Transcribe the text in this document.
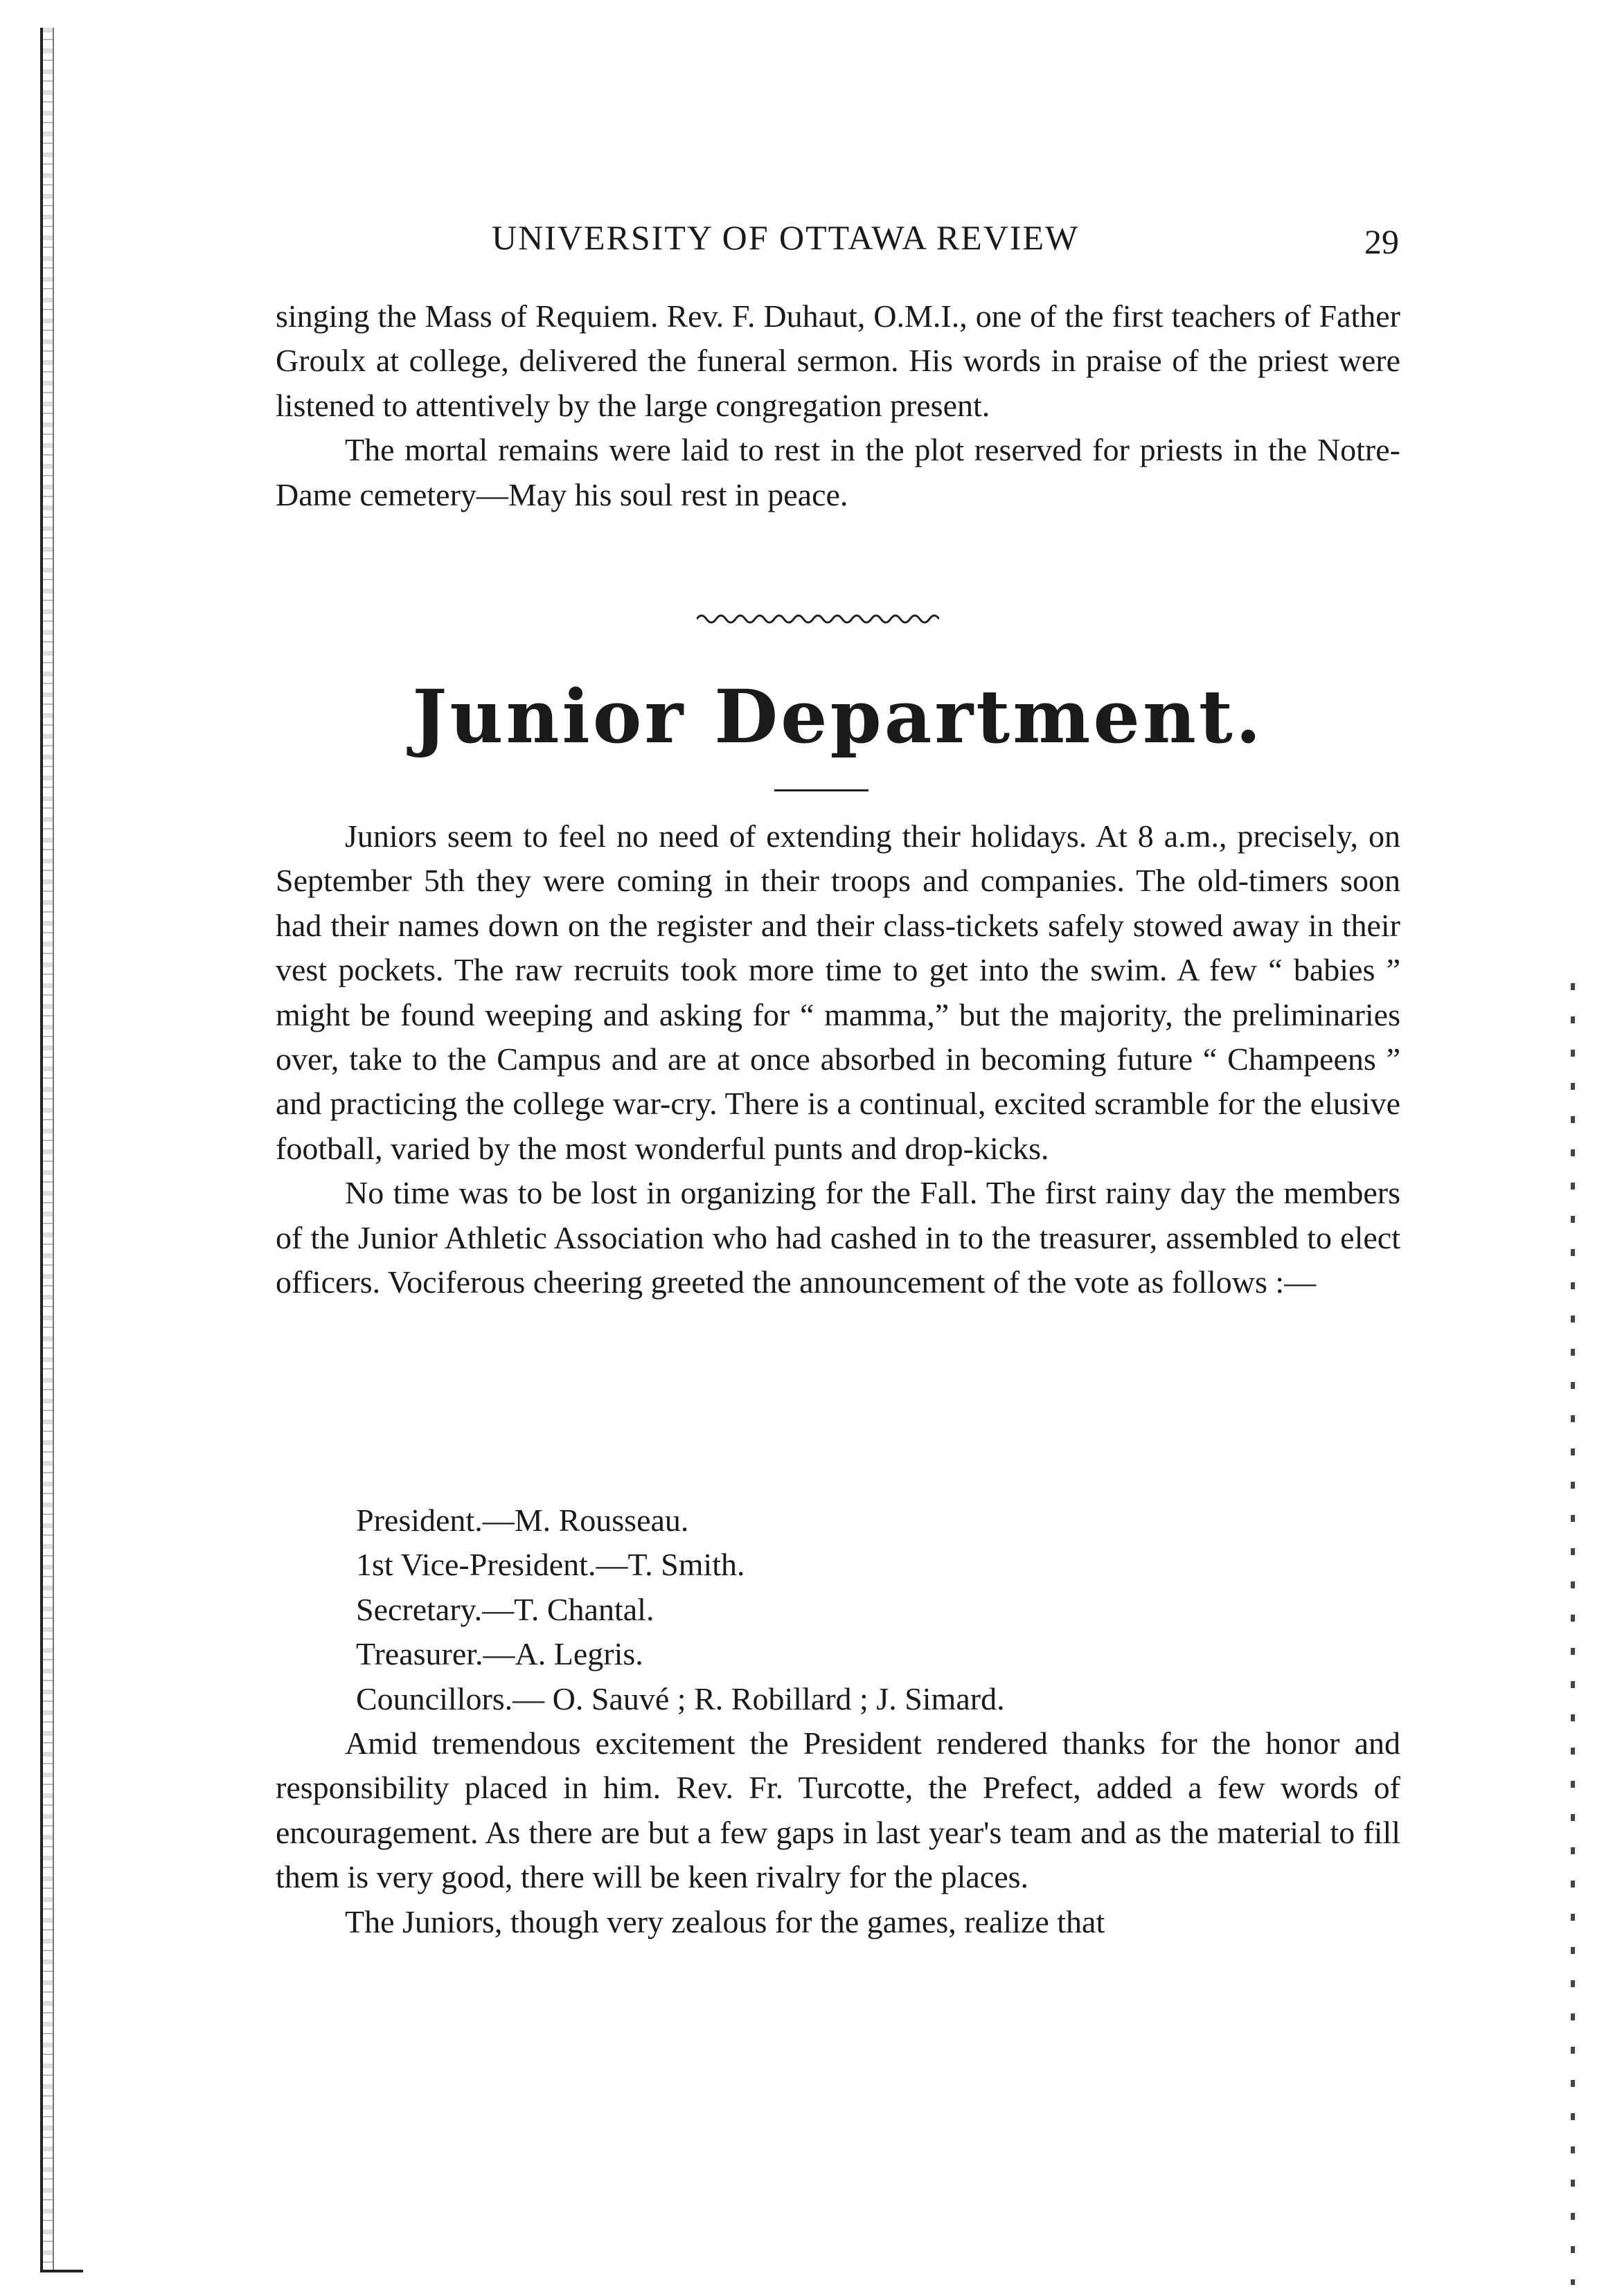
UNIVERSITY OF OTTAWA REVIEW	29

singing the Mass of Requiem. Rev. F. Duhaut, O.M.I., one of the first teachers of Father Groulx at college, delivered the funeral sermon. His words in praise of the priest were listened to attentively by the large congregation present.

The mortal remains were laid to rest in the plot reserved for priests in the Notre-Dame cemetery—May his soul rest in peace.

Junior Department.

Juniors seem to feel no need of extending their holidays. At 8 a.m., precisely, on September 5th they were coming in their troops and companies. The old-timers soon had their names down on the register and their class-tickets safely stowed away in their vest pockets. The raw recruits took more time to get into the swim. A few “ babies ” might be found weeping and asking for “ mamma,” but the majority, the preliminaries over, take to the Campus and are at once absorbed in becoming future “ Champeens ” and practicing the college war-cry. There is a continual, excited scramble for the elusive football, varied by the most wonderful punts and drop-kicks.

No time was to be lost in organizing for the Fall. The first rainy day the members of the Junior Athletic Association who had cashed in to the treasurer, assembled to elect officers. Vociferous cheering greeted the announcement of the vote as follows :—

President.—M. Rousseau.
1st Vice-President.—T. Smith.
Secretary.—T. Chantal.
Treasurer.—A. Legris.
Councillors.— O. Sauvé ; R. Robillard ; J. Simard.

Amid tremendous excitement the President rendered thanks for the honor and responsibility placed in him. Rev. Fr. Turcotte, the Prefect, added a few words of encouragement. As there are but a few gaps in last year's team and as the material to fill them is very good, there will be keen rivalry for the places.

The Juniors, though very zealous for the games, realize that
